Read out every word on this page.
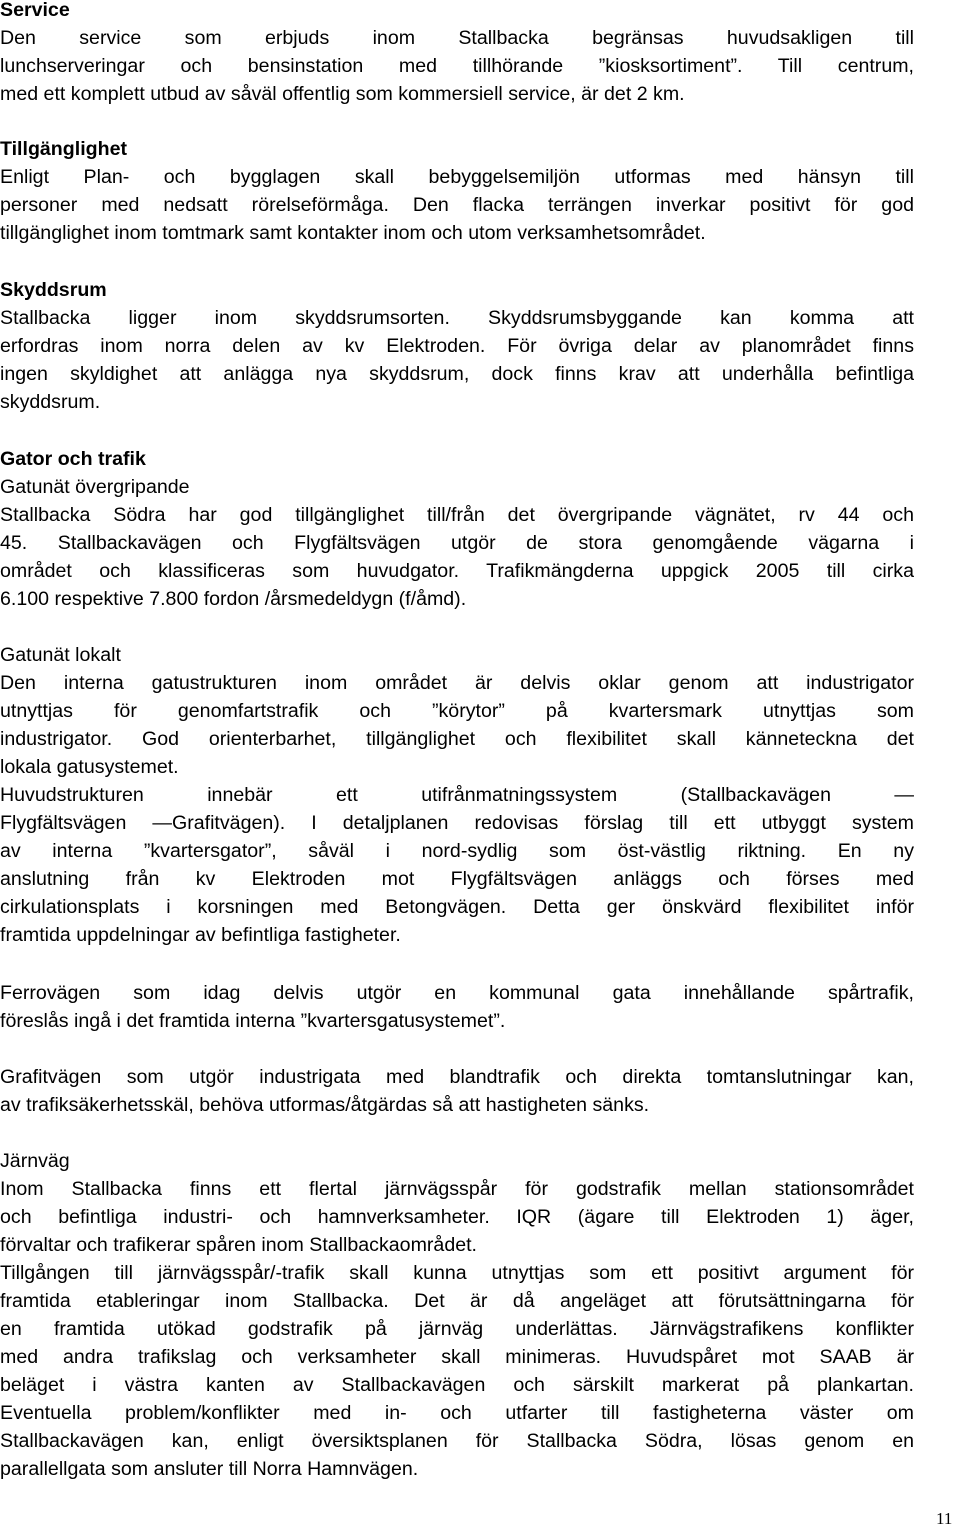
Service
Den service som erbjuds inom Stallbacka begränsas huvudsakligen till
lunchserveringar och bensinstation med tillhörande ”kiosksortiment”. Till centrum,
med ett komplett utbud av såväl offentlig som kommersiell service, är det 2 km.
Tillgänglighet
Enligt Plan- och bygglagen skall bebyggelsemiljön utformas med hänsyn till
personer med nedsatt rörelseförmåga. Den flacka terrängen inverkar positivt för god
tillgänglighet inom tomtmark samt kontakter inom och utom verksamhetsområdet.
Skyddsrum
Stallbacka ligger inom skyddsrumsorten. Skyddsrumsbyggande kan komma att
erfordras inom norra delen av kv Elektroden. För övriga delar av planområdet finns
ingen skyldighet att anlägga nya skyddsrum, dock finns krav att underhålla befintliga
skyddsrum.
Gator och trafik
Gatunät övergripande
Stallbacka Södra har god tillgänglighet till/från det övergripande vägnätet, rv 44 och
45. Stallbackavägen och Flygfältsvägen utgör de stora genomgående vägarna i
området och klassificeras som huvudgator. Trafikmängderna uppgick 2005 till cirka
6.100 respektive 7.800 fordon /årsmedeldygn (f/åmd).
Gatunät lokalt
Den interna gatustrukturen inom området är delvis oklar genom att industrigator
utnyttjas för genomfartstrafik och ”körytor” på kvartersmark utnyttjas som
industrigator. God orienterbarhet, tillgänglighet och flexibilitet skall känneteckna det
lokala gatusystemet.
Huvudstrukturen innebär ett utifrånmatningssystem (Stallbackavägen —
Flygfältsvägen —Grafitvägen). I detaljplanen redovisas förslag till ett utbyggt system
av interna ”kvartersgator”, såväl i nord-sydlig som öst-västlig riktning. En ny
anslutning från kv Elektroden mot Flygfältsvägen anläggs och förses med
cirkulationsplats i korsningen med Betongvägen. Detta ger önskvärd flexibilitet inför
framtida uppdelningar av befintliga fastigheter.
Ferrovägen som idag delvis utgör en kommunal gata innehållande spårtrafik,
föreslås ingå i det framtida interna ”kvartersgatusystemet”.
Grafitvägen som utgör industrigata med blandtrafik och direkta tomtanslutningar kan,
av trafiksäkerhetsskäl, behöva utformas/åtgärdas så att hastigheten sänks.
Järnväg
Inom Stallbacka finns ett flertal järnvägsspår för godstrafik mellan stationsområdet
och befintliga industri- och hamnverksamheter. IQR (ägare till Elektroden 1) äger,
förvaltar och trafikerar spåren inom Stallbackaområdet.
Tillgången till järnvägsspår/-trafik skall kunna utnyttjas som ett positivt argument för
framtida etableringar inom Stallbacka. Det är då angeläget att förutsättningarna för
en framtida utökad godstrafik på järnväg underlättas. Järnvägstrafikens konflikter
med andra trafikslag och verksamheter skall minimeras. Huvudspåret mot SAAB är
beläget i västra kanten av Stallbackavägen och särskilt markerat på plankartan.
Eventuella problem/konflikter med in- och utfarter till fastigheterna väster om
Stallbackavägen kan, enligt översiktsplanen för Stallbacka Södra, lösas genom en
parallellgata som ansluter till Norra Hamnvägen.
11
